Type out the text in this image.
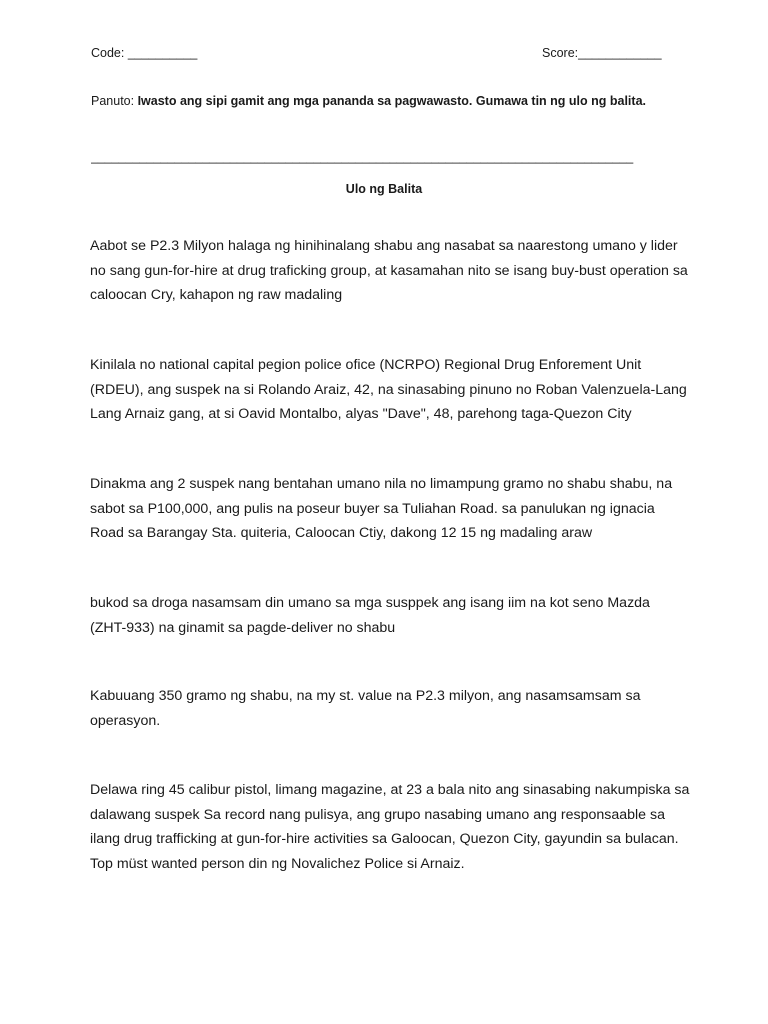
Code: __________	Score:____________
Panuto: Iwasto ang sipi gamit ang mga pananda sa pagwawasto. Gumawa tin ng ulo ng balita.
______________________________________________________________________________
Ulo ng Balita

Aabot se P2.3 Milyon halaga ng hinihinalang shabu ang nasabat sa naarestong umano y lider no sang gun-for-hire at drug traficking group, at kasamahan nito se isang buy-bust operation sa caloocan Cry, kahapon ng raw madaling

Kinilala no national capital pegion police ofice (NCRPO) Regional Drug Enforement Unit (RDEU), ang suspek na si Rolando Araiz, 42, na sinasabing pinuno no Roban Valenzuela-Lang Lang Arnaiz gang, at si Oavid Montalbo, alyas "Dave", 48, parehong taga-Quezon City

Dinakma ang 2 suspek nang bentahan umano nila no limampung gramo no shabu shabu, na sabot sa P100,000, ang pulis na poseur buyer sa Tuliahan Road. sa panulukan ng ignacia Road sa Barangay Sta. quiteria, Caloocan Ctiy, dakong 12 15 ng madaling araw

bukod sa droga nasamsam din umano sa mga susppek ang isang iim na kot seno Mazda (ZHT-933) na ginamit sa pagde-deliver no shabu

Kabuuang 350 gramo ng shabu, na my st. value na P2.3 milyon, ang nasamsamsam sa operasyon.

Delawa ring 45 calibur pistol, limang magazine, at 23 a bala nito ang sinasabing nakumpiska sa dalawang suspek Sa record nang pulisya, ang grupo nasabing umano ang responsaable sa ilang drug trafficking at gun-for-hire activities sa Galoocan, Quezon City, gayundin sa bulacan. Top müst wanted person din ng Novalichez Police si Arnaiz.
